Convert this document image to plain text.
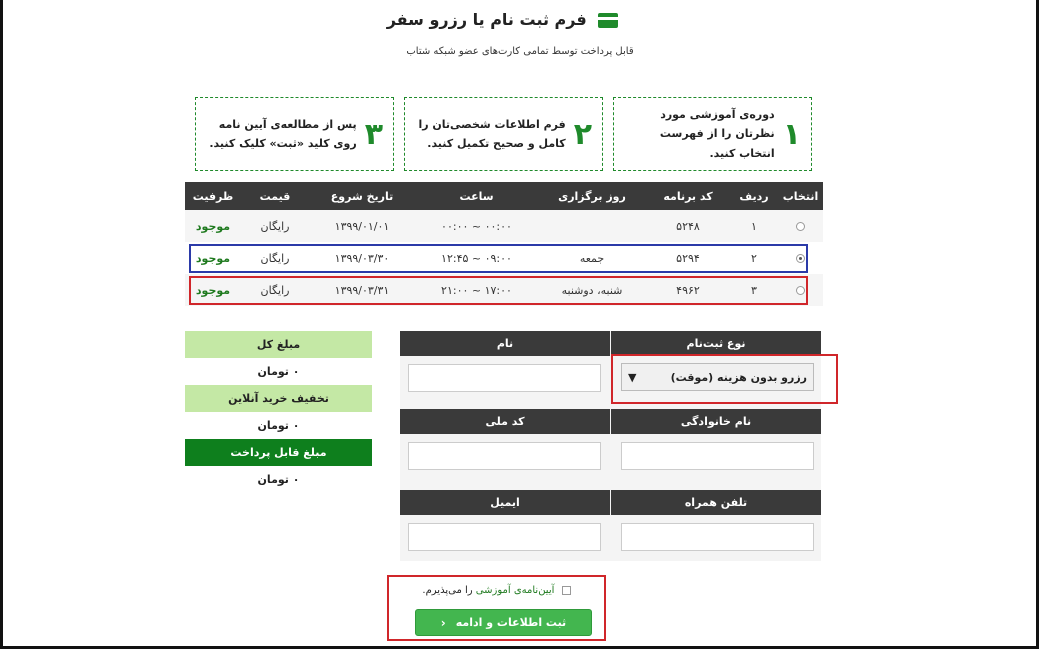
فرم ثبت نام یا رزرو سفر
قابل پرداخت توسط تمامی کارت‌های عضو شبکه شتاب
۱
دوره‌ی آموزشی مورد نظرتان را از فهرست انتخاب کنید.
۲
فرم اطلاعات شخصی‌تان را کامل و صحیح تکمیل کنید.
۳
پس از مطالعه‌ی آیین نامه روی کلید «ثبت» کلیک کنید.
انتخاب	ردیف	کد برنامه	روز برگزاری	ساعت	تاریخ شروع	قیمت	ظرفیت
	۱	۵۲۴۸		۰۰:۰۰ ~ ۰۰:۰۰	۱۳۹۹/۰۱/۰۱	رایگان	موجود
	۲	۵۲۹۴	جمعه	۰۹:۰۰ ~ ۱۲:۴۵	۱۳۹۹/۰۳/۳۰	رایگان	موجود
	۳	۴۹۶۲	شنبه، دوشنبه	۱۷:۰۰ ~ ۲۱:۰۰	۱۳۹۹/۰۳/۳۱	رایگان	موجود
مبلغ کل
۰ تومان
تخفیف خرید آنلاین
۰ تومان
مبلغ قابل پرداخت
۰ تومان
نوع ثبت‌نام
رزرو بدون هزینه (موقت)
▼
نام
نام خانوادگی
کد ملی
تلفن همراه
ایمیل
آیین‌نامه‌ی آموزشی را می‌پذیرم.
ثبت اطلاعات و ادامه
‹
